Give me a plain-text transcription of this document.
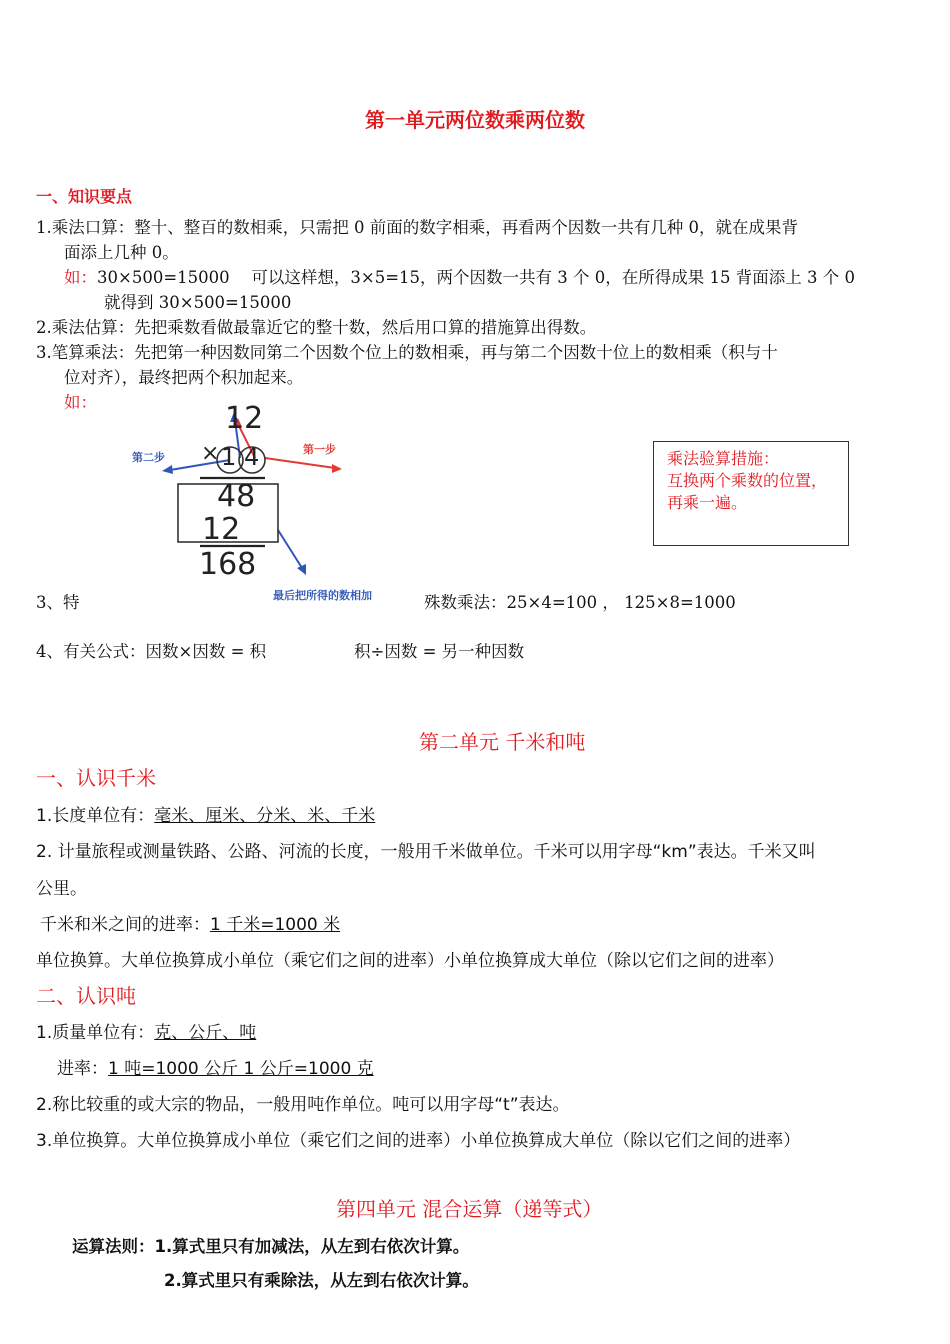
第一单元两位数乘两位数
一、知识要点
1.乘法口算：整十、整百的数相乘，只需把 0 前面的数字相乘，再看两个因数一共有几种 0，就在成果背
面添上几种 0。
如：30×500=15000　 可以这样想，3×5=15，两个因数一共有 3 个 0，在所得成果 15 背面添上 3 个 0
就得到 30×500=15000
2.乘法估算：先把乘数看做最靠近它的整十数，然后用口算的措施算出得数。
3.笔算乘法：先把第一种因数同第二个因数个位上的数相乘，再与第二个因数十位上的数相乘（积与十
位对齐），最终把两个积加起来。
如：	12
× 1 4
48
12
168
第二步
第一步
最后把所得的数相加
乘法验算措施：
互换两个乘数的位置，
再乘一遍。
3、特	殊数乘法：25×4=100 ， 125×8=1000
4、有关公式：因数×因数 = 积	积÷因数 = 另一种因数
第二单元 千米和吨
一、认识千米
1.长度单位有：毫米、厘米、分米、米、千米
2. 计量旅程或测量铁路、公路、河流的长度，一般用千米做单位。千米可以用字母“km”表达。千米又叫
公里。
千米和米之间的进率：1 千米=1000 米
单位换算。大单位换算成小单位（乘它们之间的进率）小单位换算成大单位（除以它们之间的进率）
二、认识吨
1.质量单位有：克、公斤、吨
进率：1 吨=1000 公斤 1 公斤=1000 克
2.称比较重的或大宗的物品，一般用吨作单位。吨可以用字母“t”表达。
3.单位换算。大单位换算成小单位（乘它们之间的进率）小单位换算成大单位（除以它们之间的进率）
第四单元 混合运算（递等式）
运算法则：1.算式里只有加减法，从左到右依次计算。
2.算式里只有乘除法，从左到右依次计算。
